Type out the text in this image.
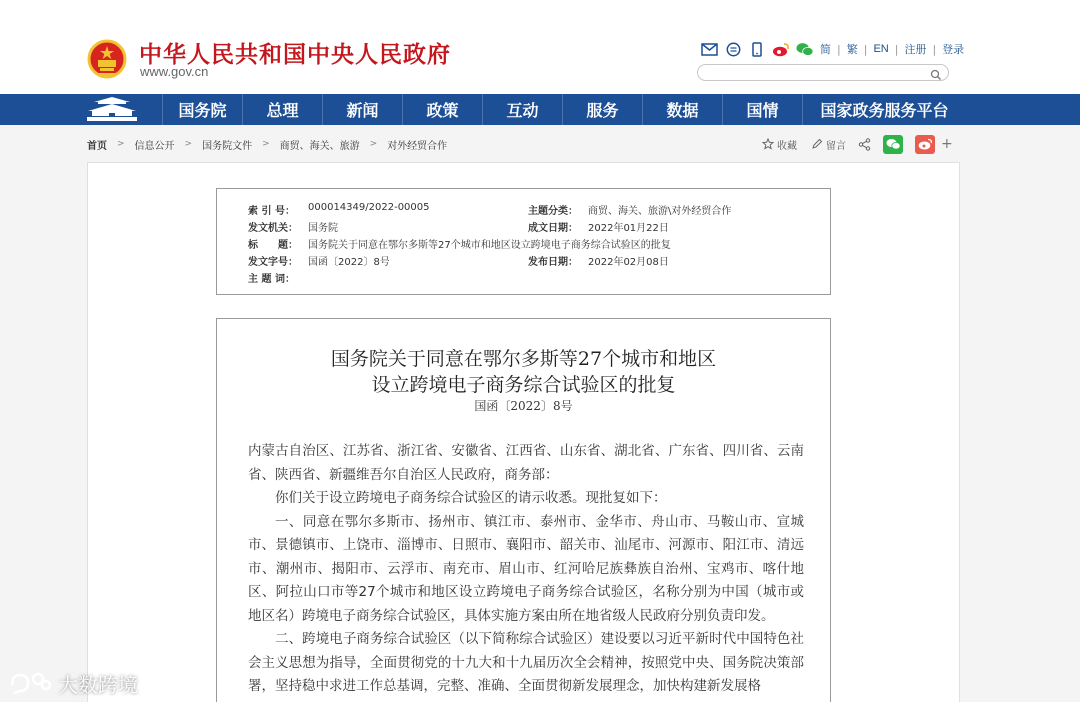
中华人民共和国中央人民政府
www.gov.cn
简 | 繁 | EN | 注册 | 登录
国务院	总理	新闻	政策	互动	服务	数据	国情	国家政务服务平台
首页 > 信息公开 > 国务院文件 > 商贸、海关、旅游 > 对外经贸合作	收藏	留言	+
索 引 号：	000014349/2022-00005	主题分类：	商贸、海关、旅游\对外经贸合作
发文机关：	国务院	成文日期：	2022年01月22日
标　　题：	国务院关于同意在鄂尔多斯等27个城市和地区设立跨境电子商务综合试验区的批复
发文字号：	国函〔2022〕8号	发布日期：	2022年02月08日
主 题 词：
国务院关于同意在鄂尔多斯等27个城市和地区
设立跨境电子商务综合试验区的批复
国函〔2022〕8号

内蒙古自治区、江苏省、浙江省、安徽省、江西省、山东省、湖北省、广东省、四川省、云南省、陕西省、新疆维吾尔自治区人民政府，商务部：

你们关于设立跨境电子商务综合试验区的请示收悉。现批复如下：

一、同意在鄂尔多斯市、扬州市、镇江市、泰州市、金华市、舟山市、马鞍山市、宣城市、景德镇市、上饶市、淄博市、日照市、襄阳市、韶关市、汕尾市、河源市、阳江市、清远市、潮州市、揭阳市、云浮市、南充市、眉山市、红河哈尼族彝族自治州、宝鸡市、喀什地区、阿拉山口市等27个城市和地区设立跨境电子商务综合试验区，名称分别为中国（城市或地区名）跨境电子商务综合试验区，具体实施方案由所在地省级人民政府分别负责印发。

二、跨境电子商务综合试验区（以下简称综合试验区）建设要以习近平新时代中国特色社会主义思想为指导，全面贯彻党的十九大和十九届历次全会精神，按照党中央、国务院决策部署，坚持稳中求进工作总基调，完整、准确、全面贯彻新发展理念，加快构建新发展格

大数跨境
